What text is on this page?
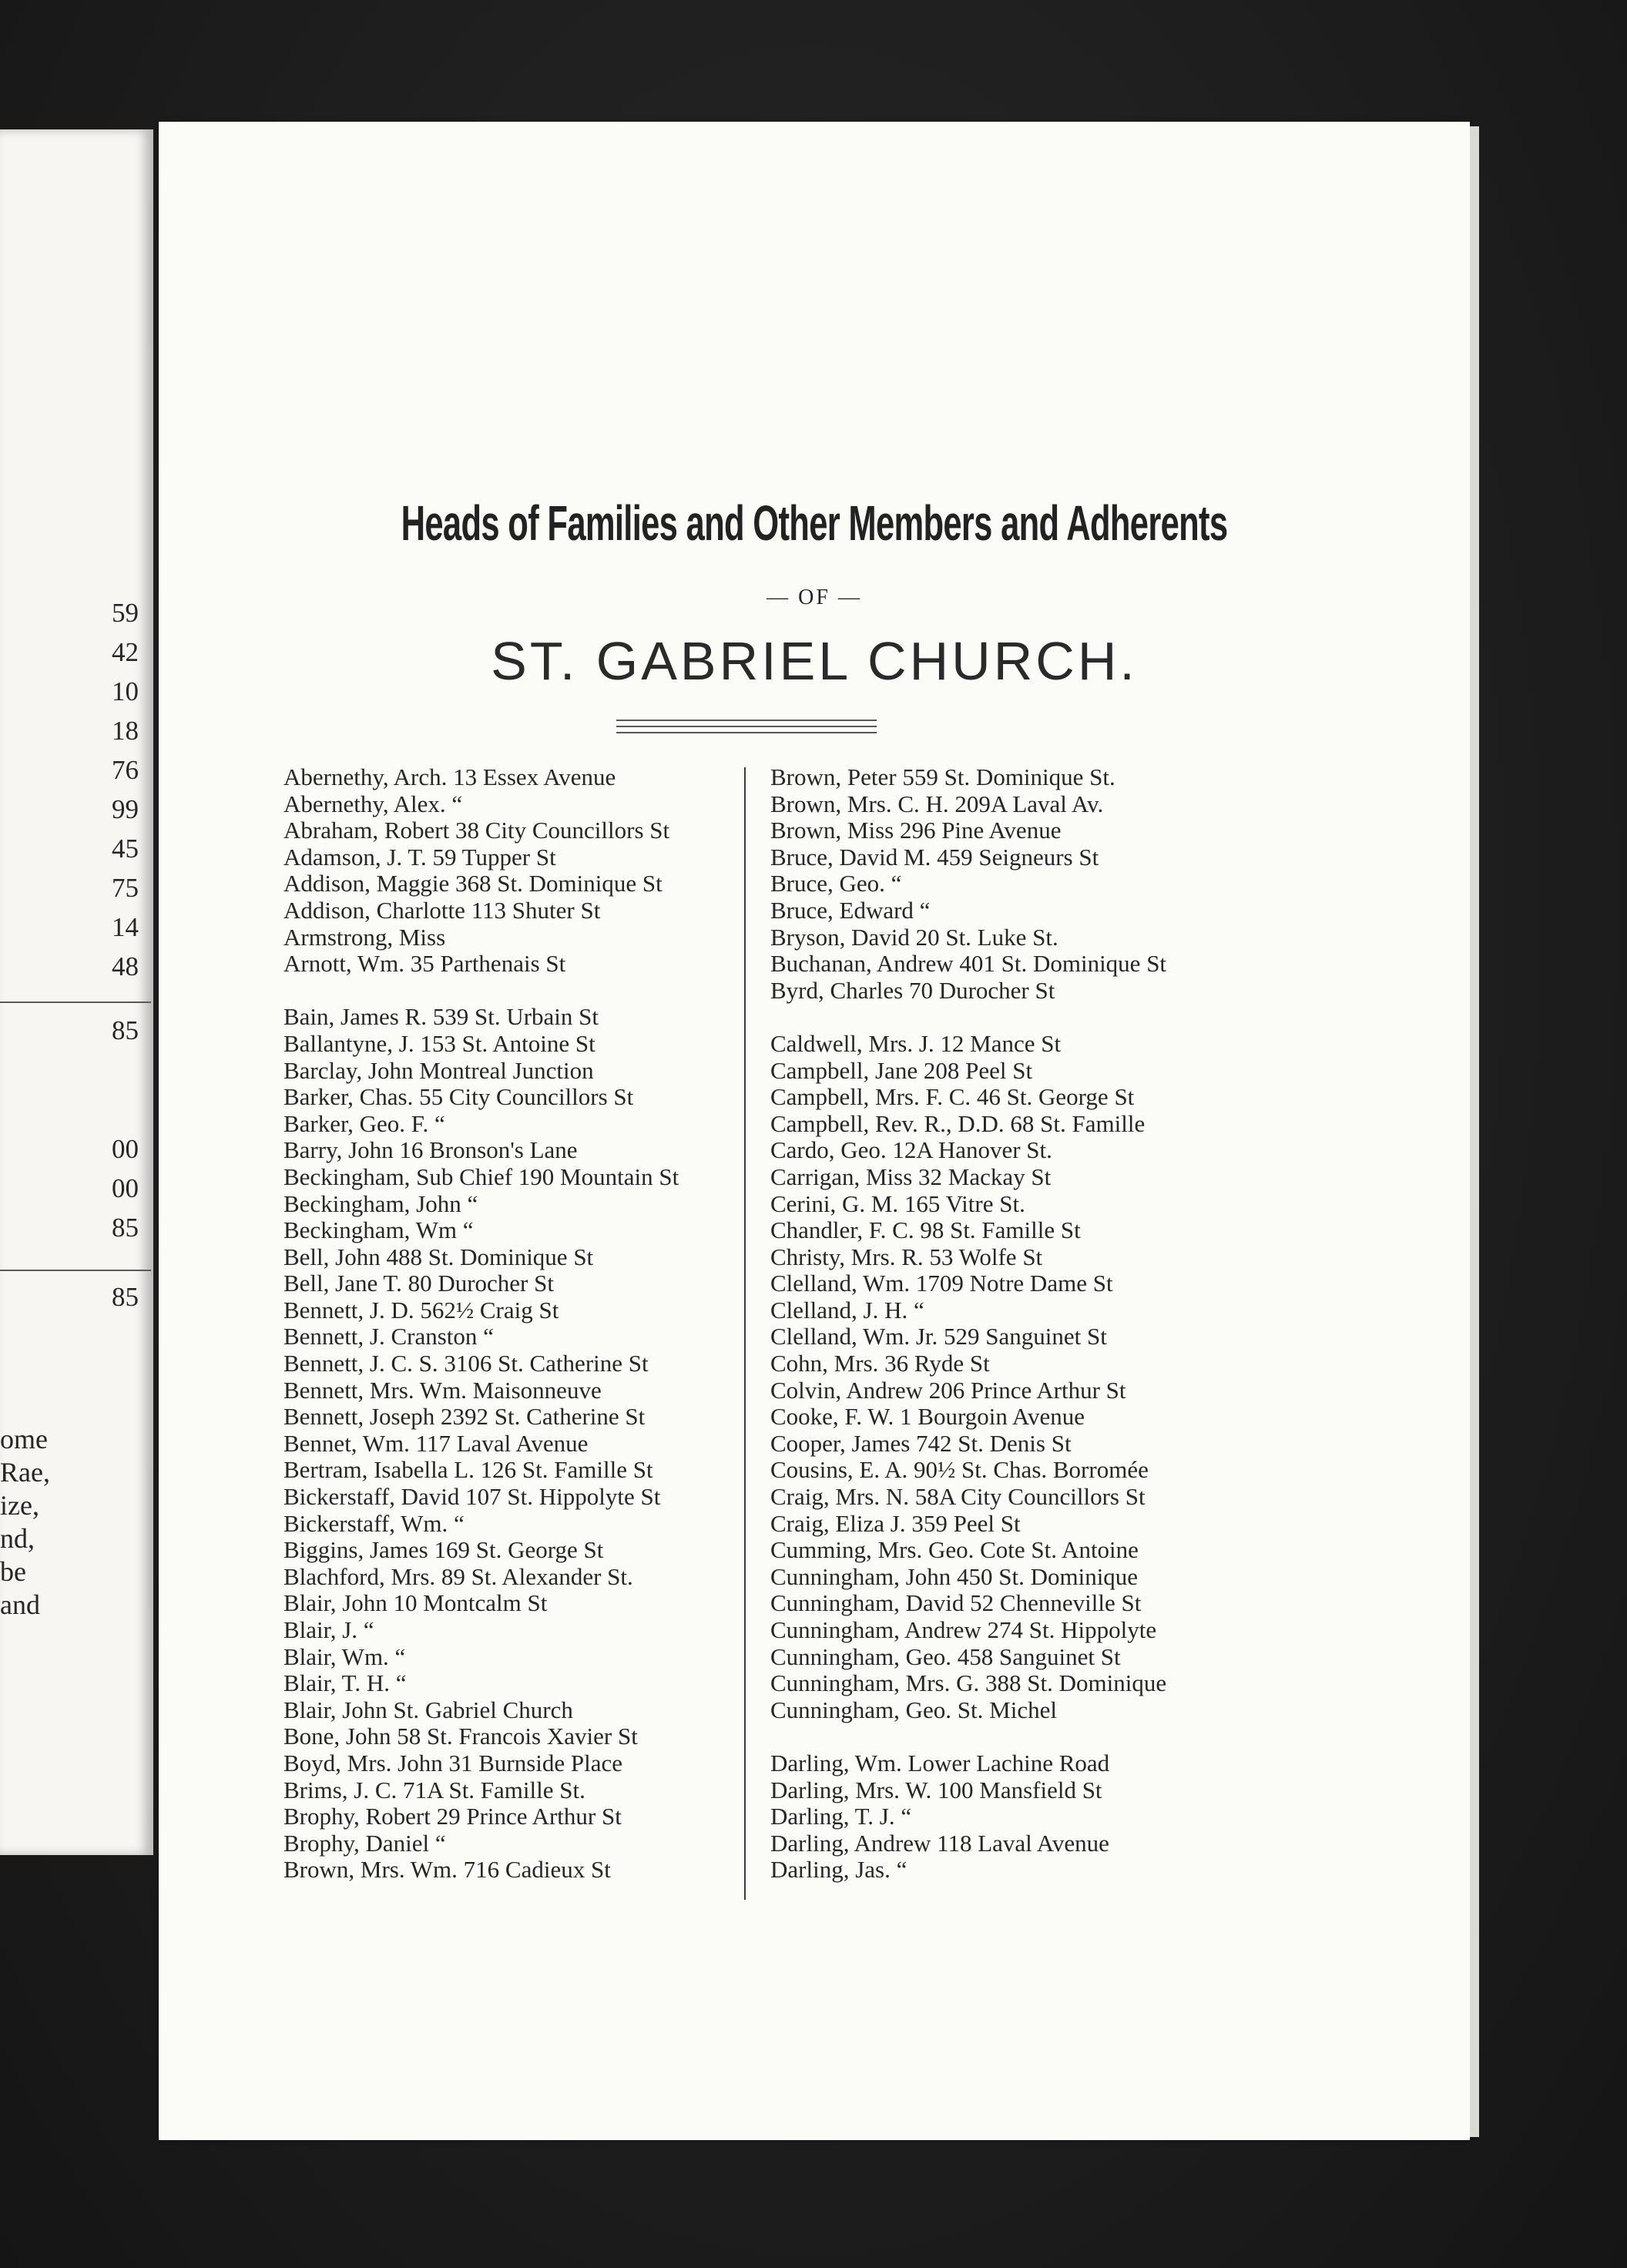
59
42
10
18
76
99
45
75
14
48
85
00
00
85
85
ome
Rae,
ize,
nd,
be
and
Heads of Families and Other Members and Adherents
— OF —
ST. GABRIEL CHURCH.
Abernethy, Arch. 13 Essex Avenue
Abernethy, Alex. “
Abraham, Robert 38 City Councillors St
Adamson, J. T. 59 Tupper St
Addison, Maggie 368 St. Dominique St
Addison, Charlotte 113 Shuter St
Armstrong, Miss
Arnott, Wm. 35 Parthenais St
Bain, James R. 539 St. Urbain St
Ballantyne, J. 153 St. Antoine St
Barclay, John Montreal Junction
Barker, Chas. 55 City Councillors St
Barker, Geo. F. “
Barry, John 16 Bronson's Lane
Beckingham, Sub Chief 190 Mountain St
Beckingham, John “
Beckingham, Wm “
Bell, John 488 St. Dominique St
Bell, Jane T. 80 Durocher St
Bennett, J. D. 562½ Craig St
Bennett, J. Cranston “
Bennett, J. C. S. 3106 St. Catherine St
Bennett, Mrs. Wm. Maisonneuve
Bennett, Joseph 2392 St. Catherine St
Bennet, Wm. 117 Laval Avenue
Bertram, Isabella L. 126 St. Famille St
Bickerstaff, David 107 St. Hippolyte St
Bickerstaff, Wm. “
Biggins, James 169 St. George St
Blachford, Mrs. 89 St. Alexander St.
Blair, John 10 Montcalm St
Blair, J. “
Blair, Wm. “
Blair, T. H. “
Blair, John St. Gabriel Church
Bone, John 58 St. Francois Xavier St
Boyd, Mrs. John 31 Burnside Place
Brims, J. C. 71A St. Famille St.
Brophy, Robert 29 Prince Arthur St
Brophy, Daniel “
Brown, Mrs. Wm. 716 Cadieux St
Brown, Peter 559 St. Dominique St.
Brown, Mrs. C. H. 209A Laval Av.
Brown, Miss 296 Pine Avenue
Bruce, David M. 459 Seigneurs St
Bruce, Geo. “
Bruce, Edward “
Bryson, David 20 St. Luke St.
Buchanan, Andrew 401 St. Dominique St
Byrd, Charles 70 Durocher St
Caldwell, Mrs. J. 12 Mance St
Campbell, Jane 208 Peel St
Campbell, Mrs. F. C. 46 St. George St
Campbell, Rev. R., D.D. 68 St. Famille
Cardo, Geo. 12A Hanover St.
Carrigan, Miss 32 Mackay St
Cerini, G. M. 165 Vitre St.
Chandler, F. C. 98 St. Famille St
Christy, Mrs. R. 53 Wolfe St
Clelland, Wm. 1709 Notre Dame St
Clelland, J. H. “
Clelland, Wm. Jr. 529 Sanguinet St
Cohn, Mrs. 36 Ryde St
Colvin, Andrew 206 Prince Arthur St
Cooke, F. W. 1 Bourgoin Avenue
Cooper, James 742 St. Denis St
Cousins, E. A. 90½ St. Chas. Borromée
Craig, Mrs. N. 58A City Councillors St
Craig, Eliza J. 359 Peel St
Cumming, Mrs. Geo. Cote St. Antoine
Cunningham, John 450 St. Dominique
Cunningham, David 52 Chenneville St
Cunningham, Andrew 274 St. Hippolyte
Cunningham, Geo. 458 Sanguinet St
Cunningham, Mrs. G. 388 St. Dominique
Cunningham, Geo. St. Michel
Darling, Wm. Lower Lachine Road
Darling, Mrs. W. 100 Mansfield St
Darling, T. J. “
Darling, Andrew 118 Laval Avenue
Darling, Jas. “
